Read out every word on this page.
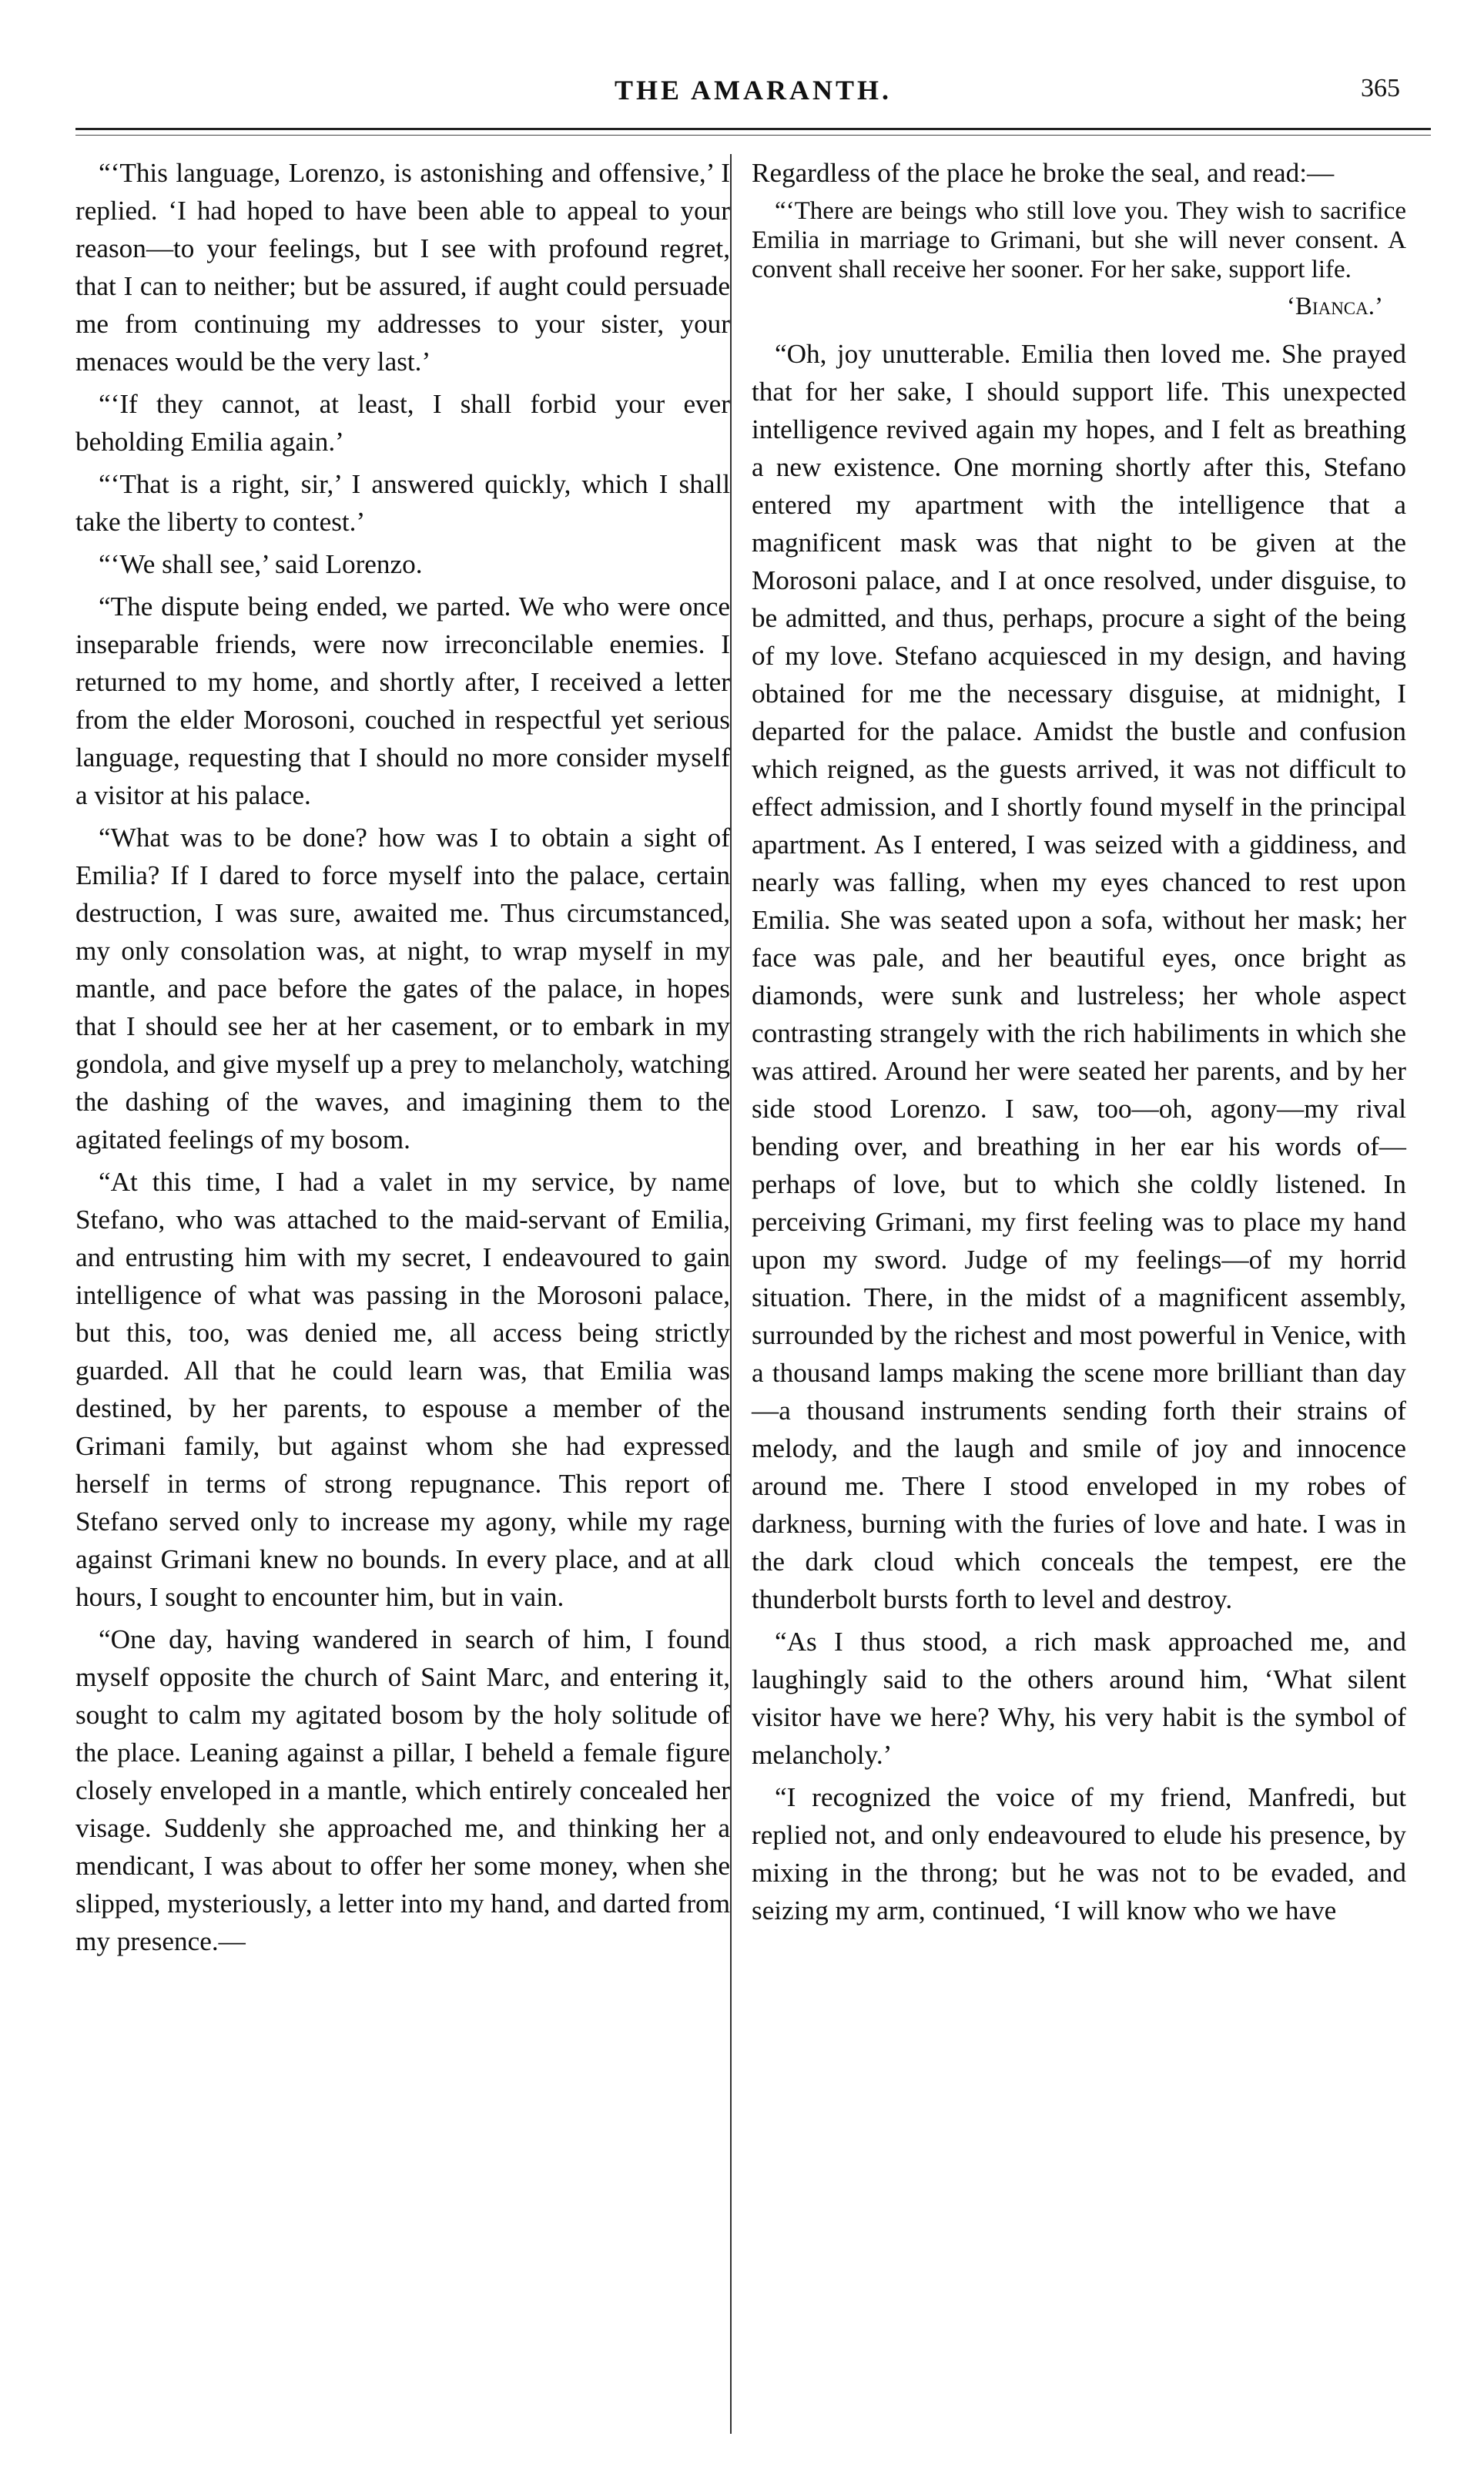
THE AMARANTH.	365

“‘This language, Lorenzo, is astonishing and offensive,’ I replied. ‘I had hoped to have been able to appeal to your reason—to your feelings, but I see with profound regret, that I can to neither; but be assured, if aught could persuade me from continuing my addresses to your sister, your menaces would be the very last.’

“‘If they cannot, at least, I shall forbid your ever beholding Emilia again.’

“‘That is a right, sir,’ I answered quickly, which I shall take the liberty to contest.’

“‘We shall see,’ said Lorenzo.

“The dispute being ended, we parted. We who were once inseparable friends, were now irreconcilable enemies. I returned to my home, and shortly after, I received a letter from the elder Morosoni, couched in respectful yet serious language, requesting that I should no more consider myself a visitor at his palace.

“What was to be done? how was I to obtain a sight of Emilia? If I dared to force myself into the palace, certain destruction, I was sure, awaited me. Thus circumstanced, my only consolation was, at night, to wrap myself in my mantle, and pace before the gates of the palace, in hopes that I should see her at her casement, or to embark in my gondola, and give myself up a prey to melancholy, watching the dashing of the waves, and imagining them to the agitated feelings of my bosom.

“At this time, I had a valet in my service, by name Stefano, who was attached to the maid-servant of Emilia, and entrusting him with my secret, I endeavoured to gain intelligence of what was passing in the Morosoni palace, but this, too, was denied me, all access being strictly guarded. All that he could learn was, that Emilia was destined, by her parents, to espouse a member of the Grimani family, but against whom she had expressed herself in terms of strong repugnance. This report of Stefano served only to increase my agony, while my rage against Grimani knew no bounds. In every place, and at all hours, I sought to encounter him, but in vain.

“One day, having wandered in search of him, I found myself opposite the church of Saint Marc, and entering it, sought to calm my agitated bosom by the holy solitude of the place. Leaning against a pillar, I beheld a female figure closely enveloped in a mantle, which entirely concealed her visage. Suddenly she approached me, and thinking her a mendicant, I was about to offer her some money, when she slipped, mysteriously, a letter into my hand, and darted from my presence.—

Regardless of the place he broke the seal, and read:—

“‘There are beings who still love you. They wish to sacrifice Emilia in marriage to Grimani, but she will never consent. A convent shall receive her sooner. For her sake, support life.

‘Bianca.’

“Oh, joy unutterable. Emilia then loved me. She prayed that for her sake, I should support life. This unexpected intelligence revived again my hopes, and I felt as breathing a new existence. One morning shortly after this, Stefano entered my apartment with the intelligence that a magnificent mask was that night to be given at the Morosoni palace, and I at once resolved, under disguise, to be admitted, and thus, perhaps, procure a sight of the being of my love. Stefano acquiesced in my design, and having obtained for me the necessary disguise, at midnight, I departed for the palace. Amidst the bustle and confusion which reigned, as the guests arrived, it was not difficult to effect admission, and I shortly found myself in the principal apartment. As I entered, I was seized with a giddiness, and nearly was falling, when my eyes chanced to rest upon Emilia. She was seated upon a sofa, without her mask; her face was pale, and her beautiful eyes, once bright as diamonds, were sunk and lustreless; her whole aspect contrasting strangely with the rich habiliments in which she was attired. Around her were seated her parents, and by her side stood Lorenzo. I saw, too—oh, agony—my rival bending over, and breathing in her ear his words of—perhaps of love, but to which she coldly listened. In perceiving Grimani, my first feeling was to place my hand upon my sword. Judge of my feelings—of my horrid situation. There, in the midst of a magnificent assembly, surrounded by the richest and most powerful in Venice, with a thousand lamps making the scene more brilliant than day—a thousand instruments sending forth their strains of melody, and the laugh and smile of joy and innocence around me. There I stood enveloped in my robes of darkness, burning with the furies of love and hate. I was in the dark cloud which conceals the tempest, ere the thunderbolt bursts forth to level and destroy.

“As I thus stood, a rich mask approached me, and laughingly said to the others around him, ‘What silent visitor have we here? Why, his very habit is the symbol of melancholy.’

“I recognized the voice of my friend, Manfredi, but replied not, and only endeavoured to elude his presence, by mixing in the throng; but he was not to be evaded, and seizing my arm, continued, ‘I will know who we have
